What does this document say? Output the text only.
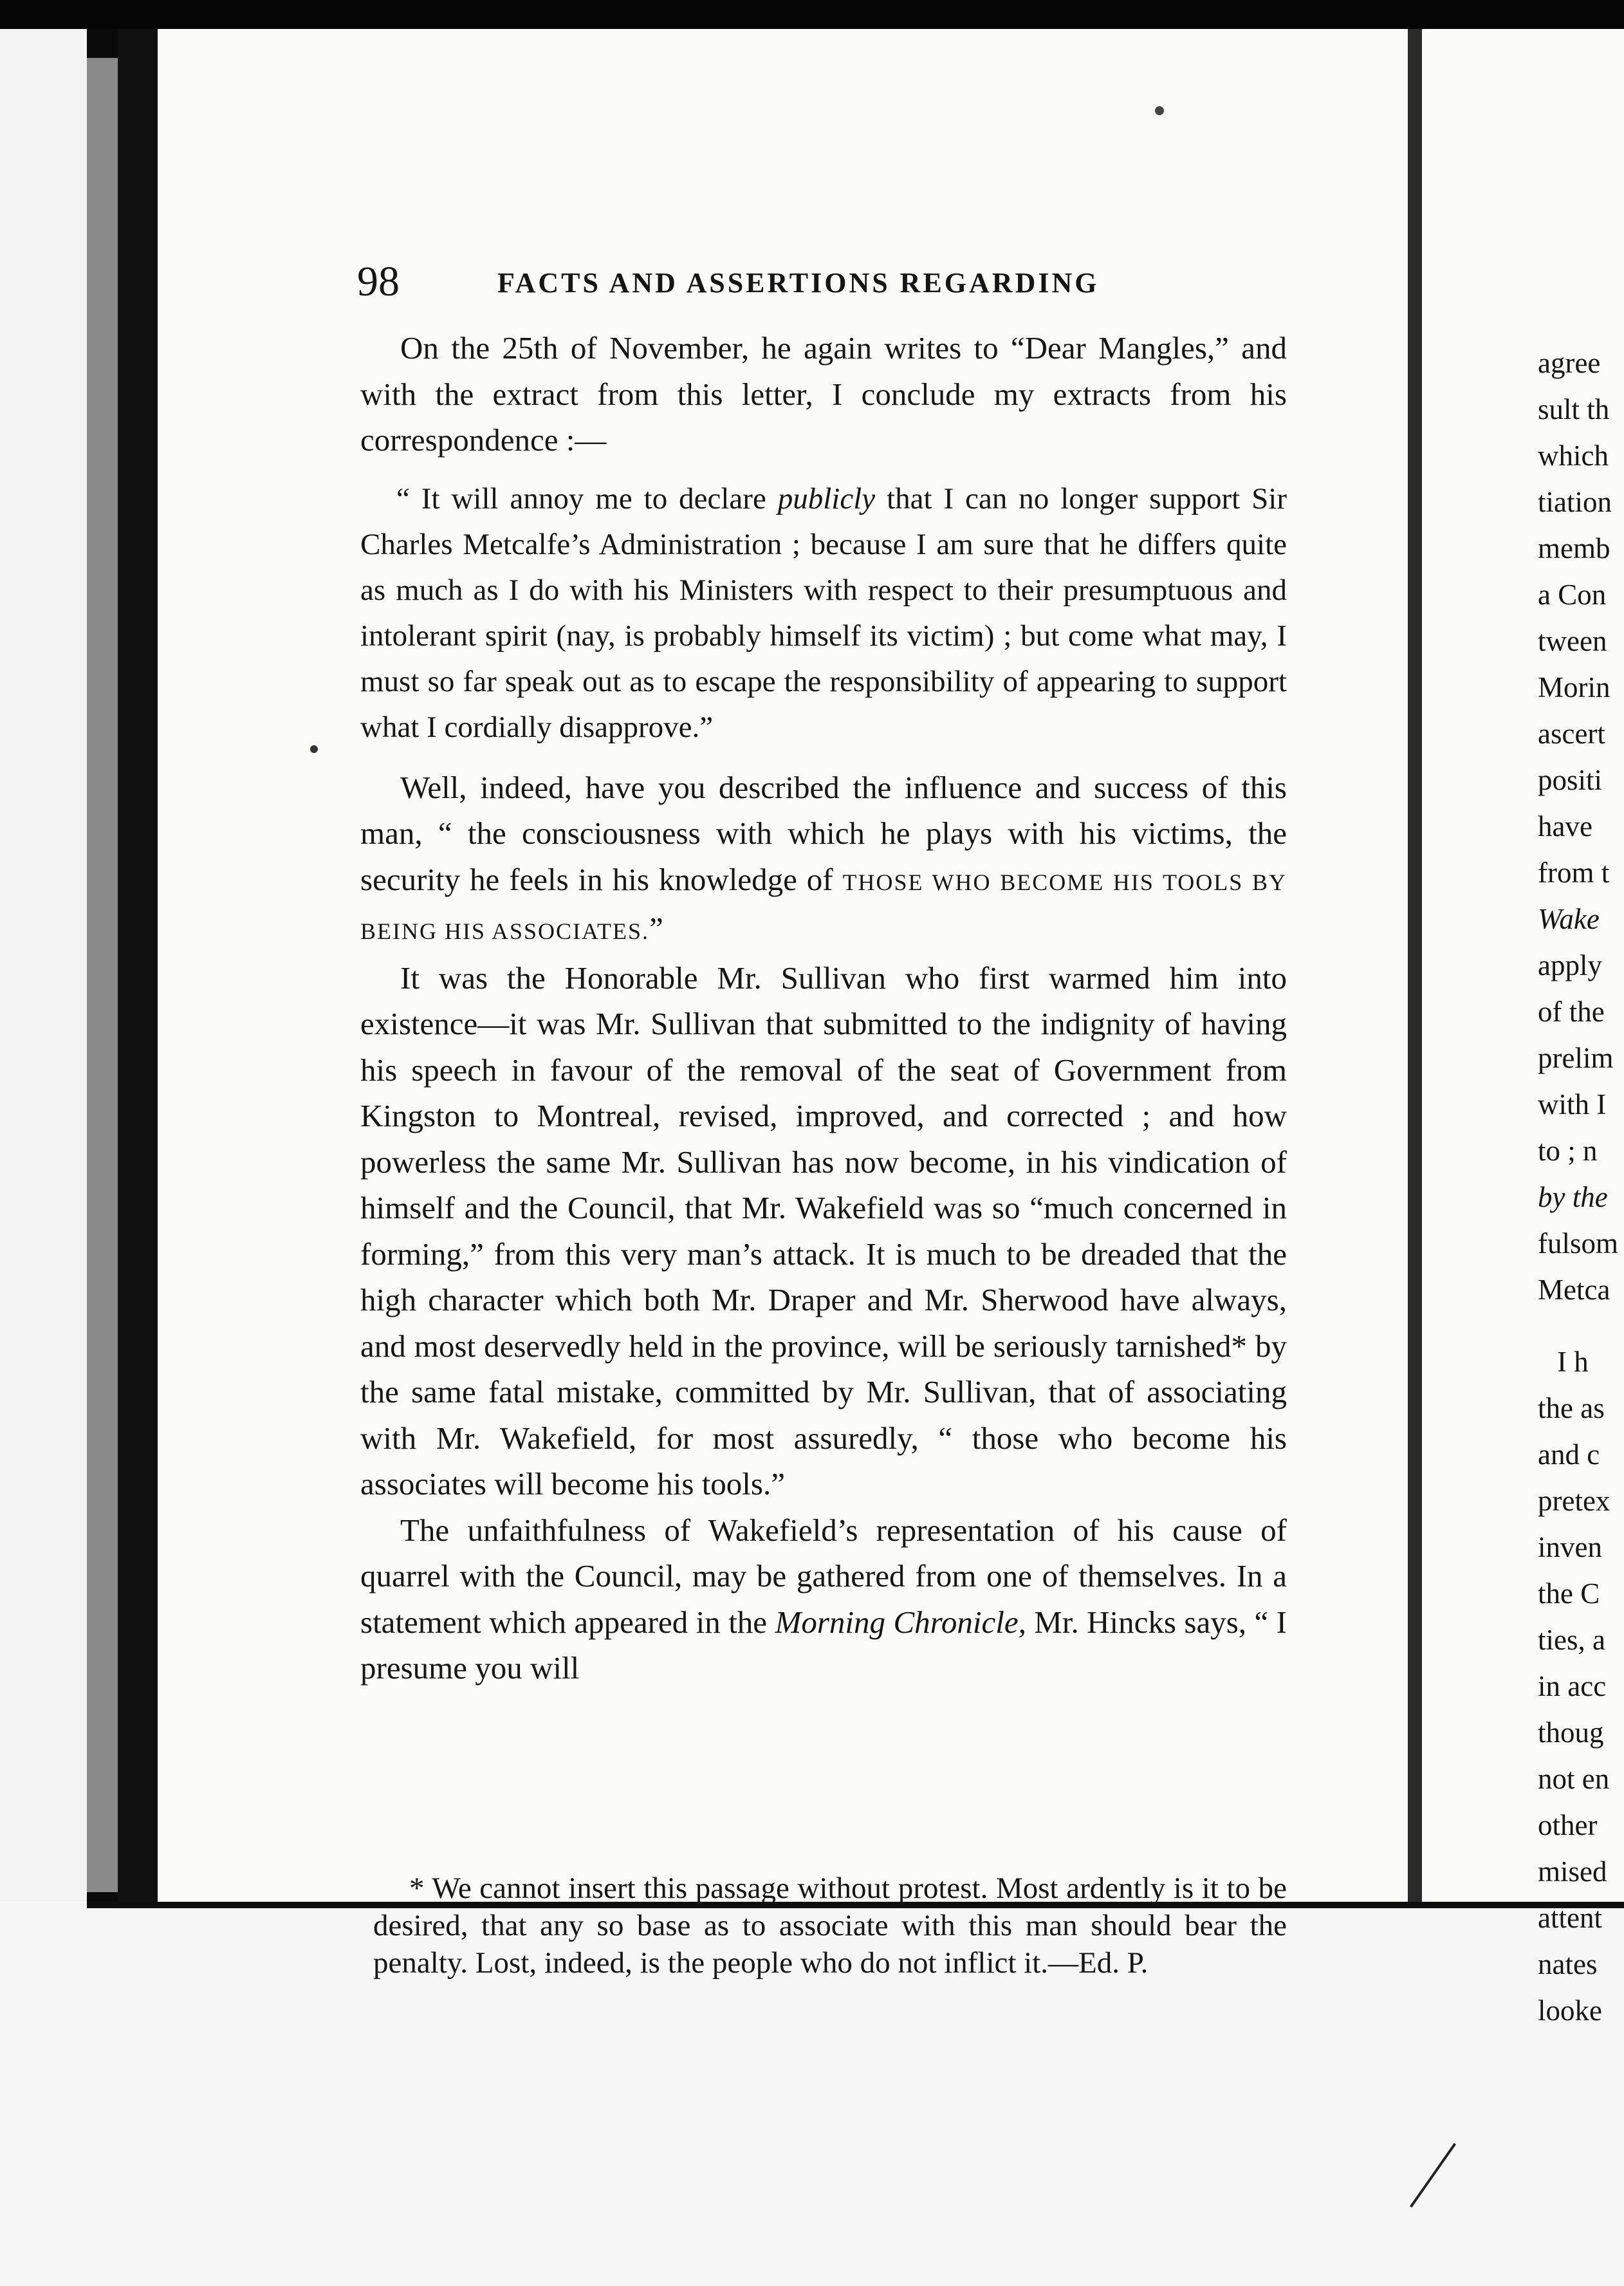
98	FACTS AND ASSERTIONS REGARDING

On the 25th of November, he again writes to “Dear Mangles,” and with the extract from this letter, I conclude my extracts from his correspondence :—

“ It will annoy me to declare publicly that I can no longer support Sir Charles Metcalfe’s Administration ; because I am sure that he differs quite as much as I do with his Ministers with respect to their presumptuous and intolerant spirit (nay, is probably himself its victim) ; but come what may, I must so far speak out as to escape the responsibility of appearing to support what I cordially disapprove.”

Well, indeed, have you described the influence and success of this man, “ the consciousness with which he plays with his victims, the security he feels in his knowledge of THOSE WHO BECOME HIS TOOLS BY BEING HIS ASSOCIATES.”

It was the Honorable Mr. Sullivan who first warmed him into existence—it was Mr. Sullivan that submitted to the indignity of having his speech in favour of the removal of the seat of Government from Kingston to Montreal, revised, improved, and corrected ; and how powerless the same Mr. Sullivan has now become, in his vindication of himself and the Council, that Mr. Wakefield was so “much concerned in forming,” from this very man’s attack. It is much to be dreaded that the high character which both Mr. Draper and Mr. Sherwood have always, and most deservedly held in the province, will be seriously tarnished* by the same fatal mistake, committed by Mr. Sullivan, that of associating with Mr. Wakefield, for most assuredly, “ those who become his associates will become his tools.”

The unfaithfulness of Wakefield’s representation of his cause of quarrel with the Council, may be gathered from one of themselves. In a statement which appeared in the Morning Chronicle, Mr. Hincks says, “ I presume you will

* We cannot insert this passage without protest. Most ardently is it to be desired, that any so base as to associate with this man should bear the penalty. Lost, indeed, is the people who do not inflict it.—Ed. P.

agree
sult th
which
tiation
memb
a Con
tween
Morin
ascert
positi
have
from t
Wake
apply
of the
prelim
with I
to ; n
by the
fulsom
Metca
I h
the as
and c
pretex
inven
the C
ties, a
in acc
thoug
not en
other
mised
attent
nates
looke
